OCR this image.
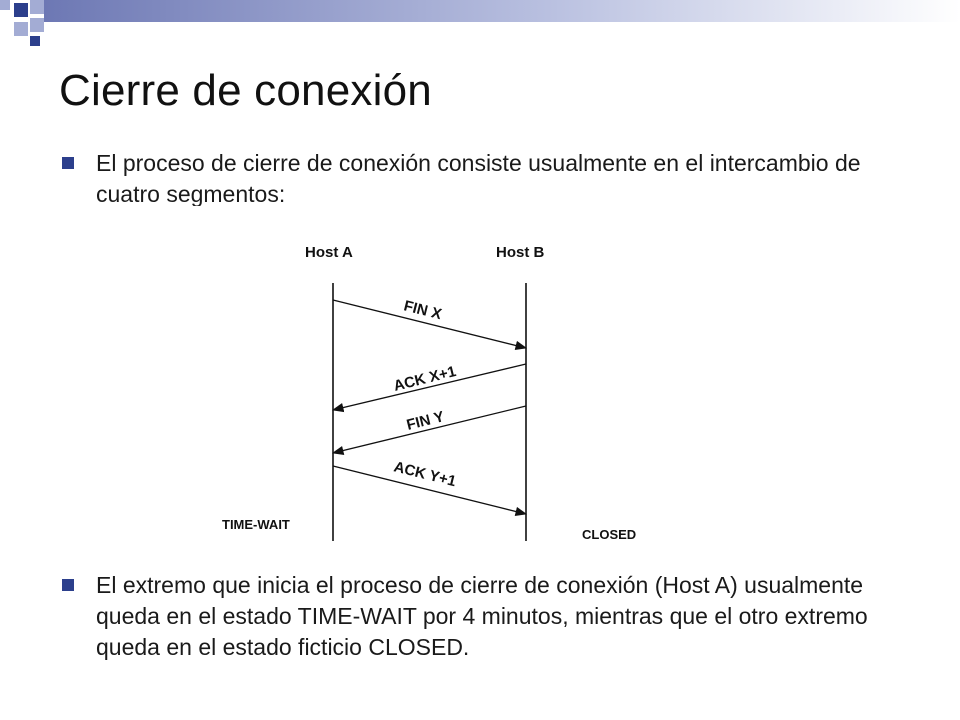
Cierre de conexión
El proceso de cierre de conexión consiste usualmente en el intercambio de cuatro segmentos:
Host A	Host B
FIN X
ACK X+1
FIN Y
ACK Y+1
TIME-WAIT
CLOSED
El extremo que inicia el proceso de cierre de conexión (Host A) usualmente queda en el estado TIME-WAIT por 4 minutos, mientras que el otro extremo queda en el estado ficticio CLOSED.
